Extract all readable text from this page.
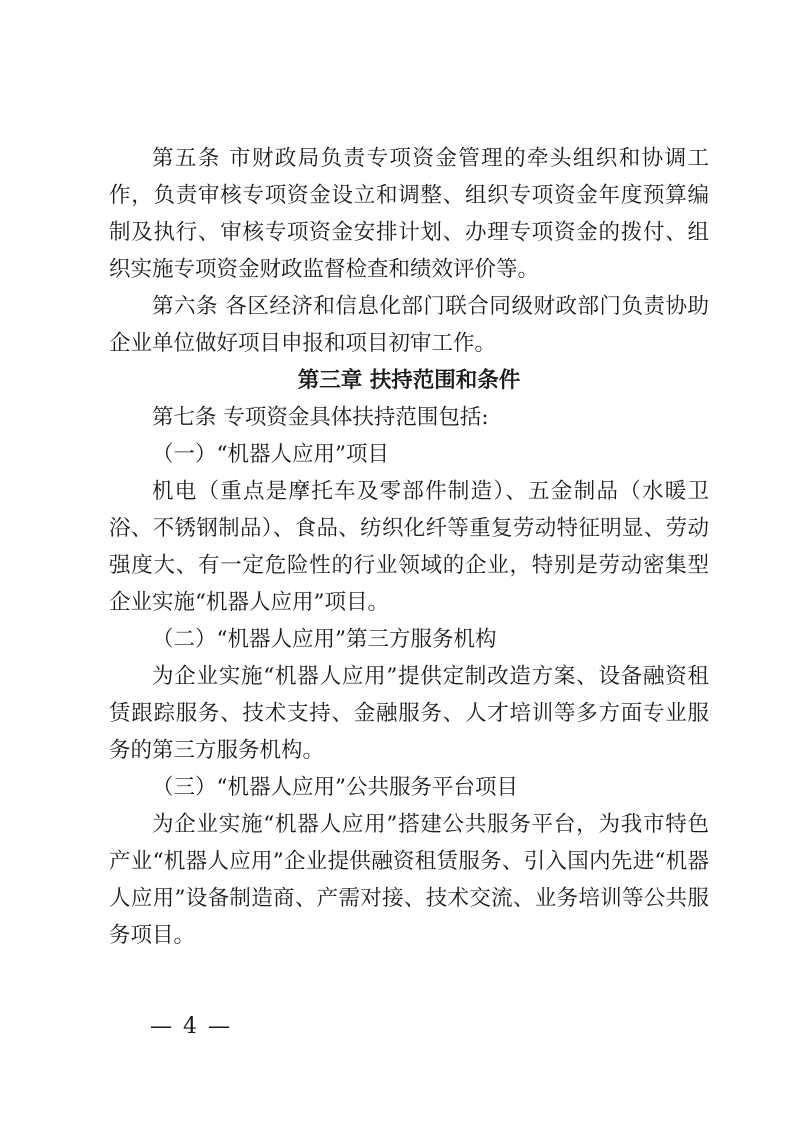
第五条 市财政局负责专项资金管理的牵头组织和协调工作，负责审核专项资金设立和调整、组织专项资金年度预算编制及执行、审核专项资金安排计划、办理专项资金的拨付、组织实施专项资金财政监督检查和绩效评价等。

第六条 各区经济和信息化部门联合同级财政部门负责协助企业单位做好项目申报和项目初审工作。

第三章 扶持范围和条件

第七条 专项资金具体扶持范围包括:

（一）“机器人应用”项目

机电（重点是摩托车及零部件制造）、五金制品（水暖卫浴、不锈钢制品）、食品、纺织化纤等重复劳动特征明显、劳动强度大、有一定危险性的行业领域的企业，特别是劳动密集型企业实施“机器人应用”项目。

（二）“机器人应用”第三方服务机构

为企业实施“机器人应用”提供定制改造方案、设备融资租赁跟踪服务、技术支持、金融服务、人才培训等多方面专业服务的第三方服务机构。

（三）“机器人应用”公共服务平台项目

为企业实施“机器人应用”搭建公共服务平台，为我市特色产业“机器人应用”企业提供融资租赁服务、引入国内先进“机器人应用”设备制造商、产需对接、技术交流、业务培训等公共服务项目。

— 4 —
